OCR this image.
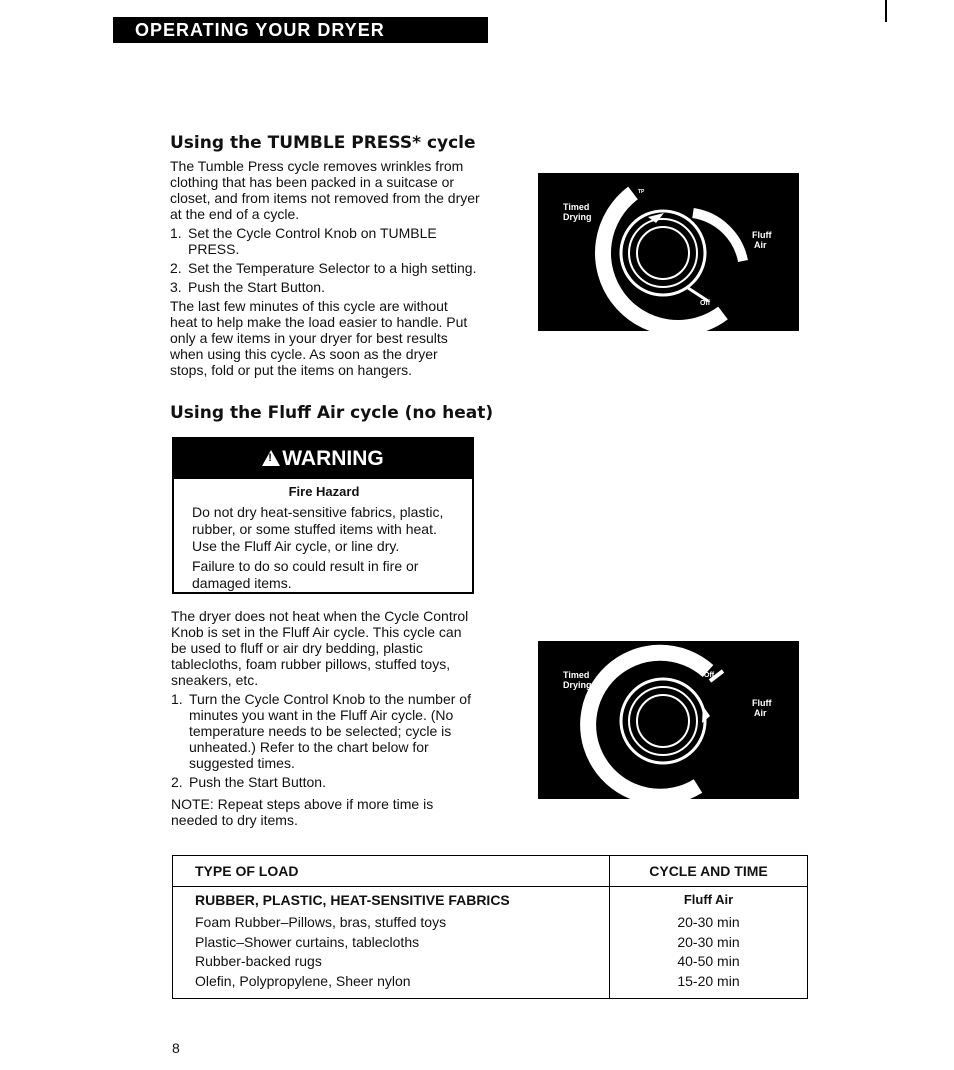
OPERATING YOUR DRYER
Using the TUMBLE PRESS* cycle

The Tumble Press cycle removes wrinkles from clothing that has been packed in a suitcase or closet, and from items not removed from the dryer at the end of a cycle.

1. Set the Cycle Control Knob on TUMBLE PRESS.
2. Set the Temperature Selector to a high setting.
3. Push the Start Button.

The last few minutes of this cycle are without heat to help make the load easier to handle. Put only a few items in your dryer for best results when using this cycle. As soon as the dryer stops, fold or put the items on hangers.

Timed
Drying
Fluff
Air
Off
TP
Using the Fluff Air cycle (no heat)
!WARNING
Fire Hazard
Do not dry heat-sensitive fabrics, plastic, rubber, or some stuffed items with heat. Use the Fluff Air cycle, or line dry.
Failure to do so could result in fire or damaged items.

The dryer does not heat when the Cycle Control Knob is set in the Fluff Air cycle. This cycle can be used to fluff or air dry bedding, plastic tablecloths, foam rubber pillows, stuffed toys, sneakers, etc.

1. Turn the Cycle Control Knob to the number of minutes you want in the Fluff Air cycle. (No temperature needs to be selected; cycle is unheated.) Refer to the chart below for suggested times.
2. Push the Start Button.

NOTE: Repeat steps above if more time is needed to dry items.

Timed
Drying
Fluff
Air
Off
TYPE OF LOAD	CYCLE AND TIME
RUBBER, PLASTIC, HEAT-SENSITIVE FABRICS	Fluff Air
Foam Rubber–Pillows, bras, stuffed toys	20-30 min
Plastic–Shower curtains, tablecloths	20-30 min
Rubber-backed rugs	40-50 min
Olefin, Polypropylene, Sheer nylon	15-20 min
8
